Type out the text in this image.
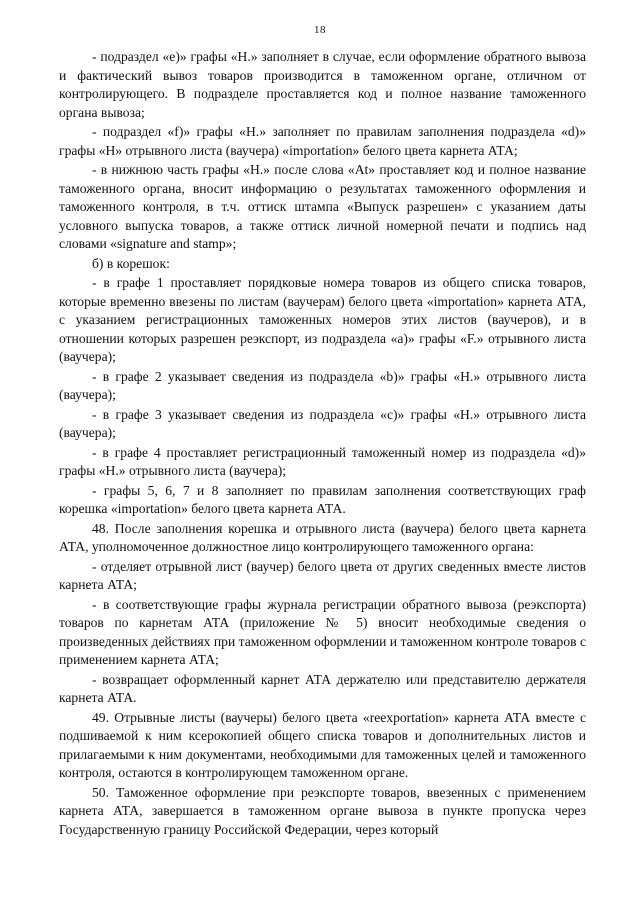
18

- подраздел «е)» графы «Н.» заполняет в случае, если оформление обратного вывоза и фактический вывоз товаров производится в таможенном органе, отличном от контролирующего. В подразделе проставляется код и полное название таможенного органа вывоза;

- подраздел «f)» графы «Н.» заполняет по правилам заполнения подраздела «d)» графы «Н» отрывного листа (ваучера) «importation» белого цвета карнета АТА;

- в нижнюю часть графы «Н.» после слова «At» проставляет код и полное название таможенного органа, вносит информацию о результатах таможенного оформления и таможенного контроля, в т.ч. оттиск штампа «Выпуск разрешен» с указанием даты условного выпуска товаров, а также оттиск личной номерной печати и подпись над словами «signature and stamp»;

б) в корешок:

- в графе 1 проставляет порядковые номера товаров из общего списка товаров, которые временно ввезены по листам (ваучерам) белого цвета «importation» карнета АТА, с указанием регистрационных таможенных номеров этих листов (ваучеров), и в отношении которых разрешен реэкспорт, из подраздела «а)» графы «F.» отрывного листа (ваучера);

- в графе 2 указывает сведения из подраздела «b)» графы «Н.» отрывного листа (ваучера);

- в графе 3 указывает сведения из подраздела «с)» графы «Н.» отрывного листа (ваучера);

- в графе 4 проставляет регистрационный таможенный номер из подраздела «d)» графы «Н.» отрывного листа (ваучера);

- графы 5, 6, 7 и 8 заполняет по правилам заполнения соответствующих граф корешка «importation» белого цвета карнета АТА.

48. После заполнения корешка и отрывного листа (ваучера) белого цвета карнета АТА, уполномоченное должностное лицо контролирующего таможенного органа:

- отделяет отрывной лист (ваучер) белого цвета от других сведенных вместе листов карнета АТА;

- в соответствующие графы журнала регистрации обратного вывоза (реэкспорта) товаров по карнетам АТА (приложение № 5) вносит необходимые сведения о произведенных действиях при таможенном оформлении и таможенном контроле товаров с применением карнета АТА;

- возвращает оформленный карнет АТА держателю или представителю держателя карнета АТА.

49. Отрывные листы (ваучеры) белого цвета «reexportation» карнета АТА вместе с подшиваемой к ним ксерокопией общего списка товаров и дополнительных листов и прилагаемыми к ним документами, необходимыми для таможенных целей и таможенного контроля, остаются в контролирующем таможенном органе.

50. Таможенное оформление при реэкспорте товаров, ввезенных с применением карнета АТА, завершается в таможенном органе вывоза в пункте пропуска через Государственную границу Российской Федерации, через который
